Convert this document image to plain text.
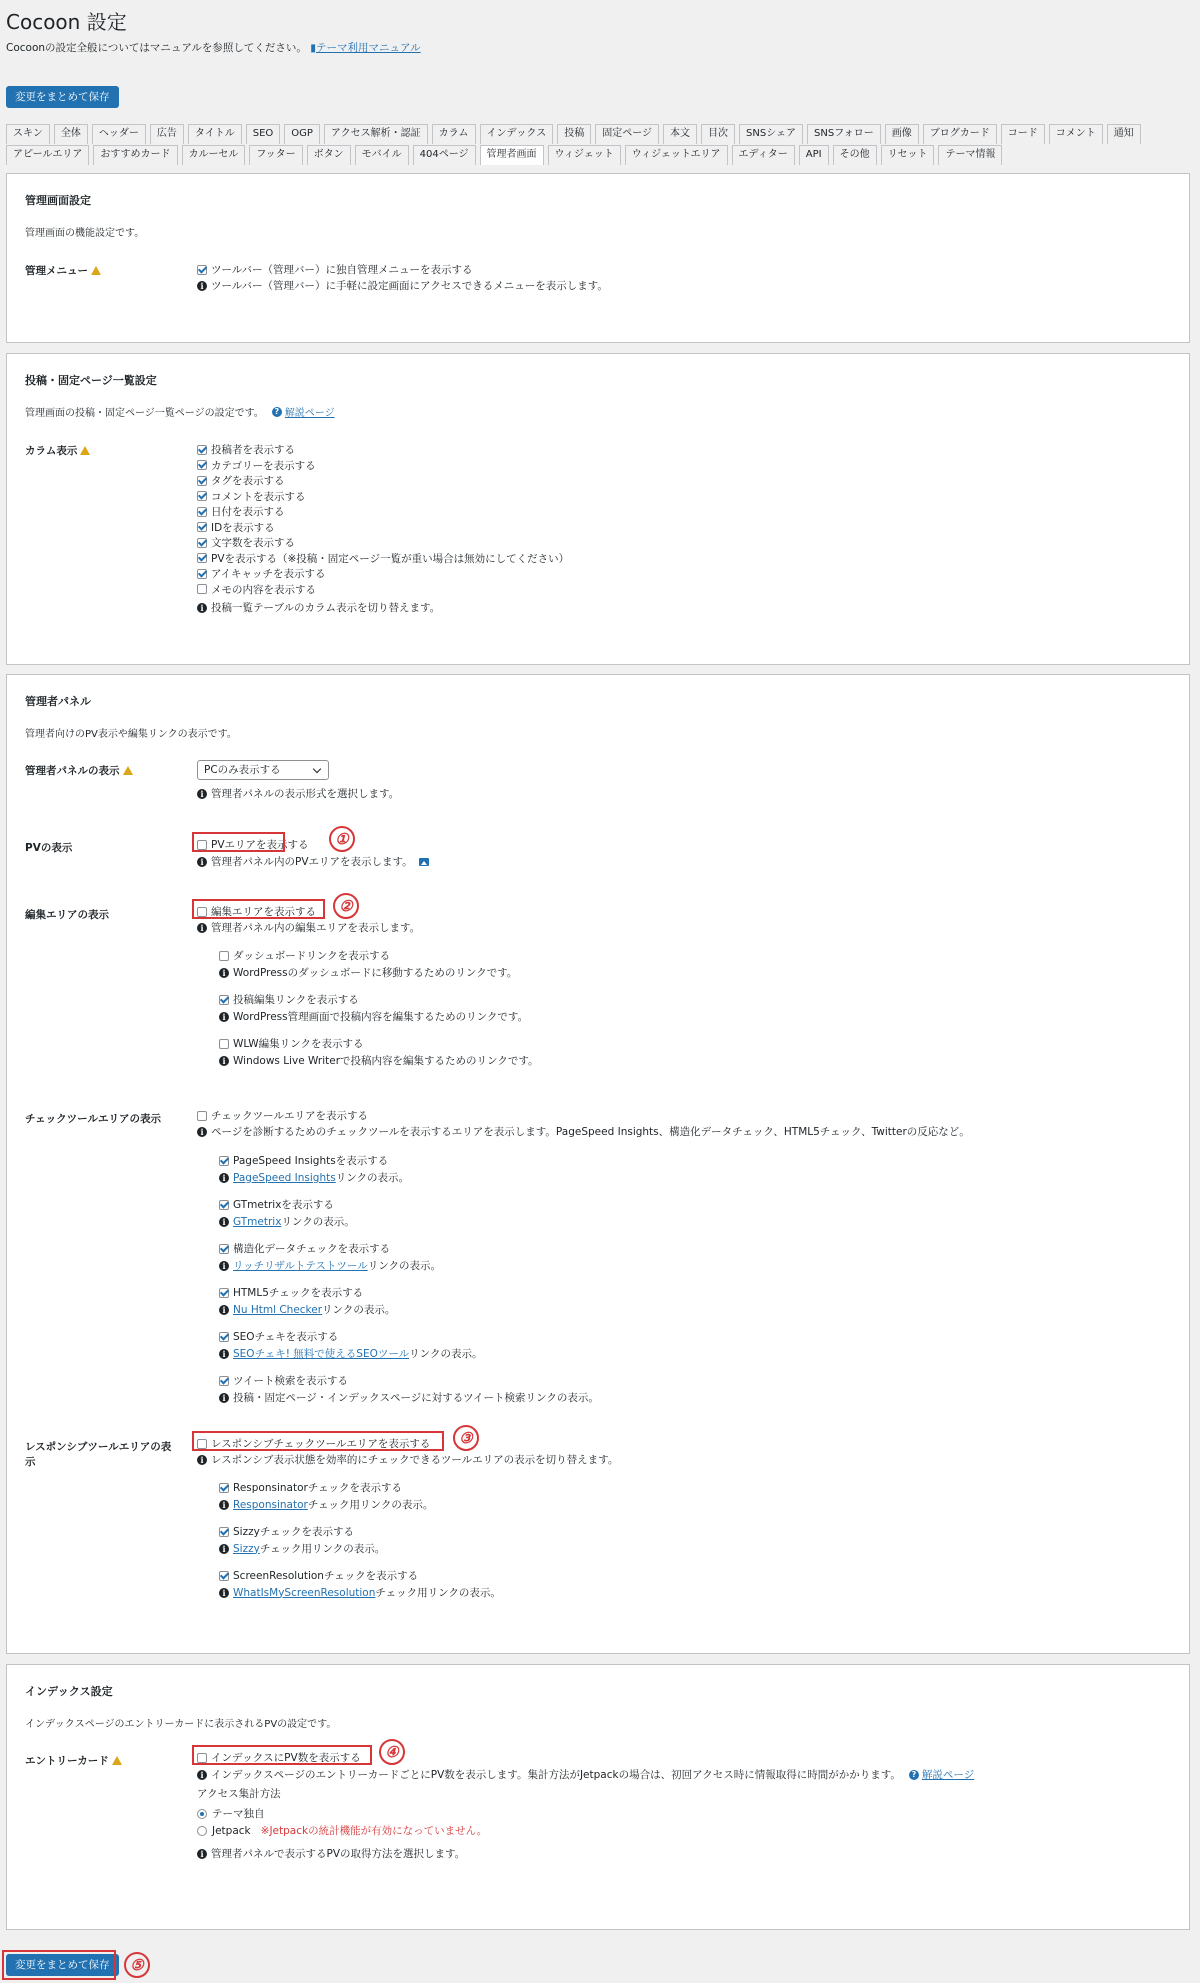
Cocoon 設定
Cocoonの設定全般についてはマニュアルを参照してください。 ▮テーマ利用マニュアル
変更をまとめて保存
スキン	全体	ヘッダー	広告	タイトル	SEO	OGP	アクセス解析・認証	カラム	インデックス	投稿	固定ページ	本文	目次	SNSシェア	SNSフォロー	画像	ブログカード	コード	コメント	通知
アピールエリア	おすすめカード	カルーセル	フッター	ボタン	モバイル	404ページ	管理者画面	ウィジェット	ウィジェットエリア	エディター	API	その他	リセット	テーマ情報
管理画面設定
管理画面の機能設定です。
管理メニュー	ツールバー（管理バー）に独自管理メニューを表示する
i ツールバー（管理バー）に手軽に設定画面にアクセスできるメニューを表示します。
投稿・固定ページ一覧設定
管理画面の投稿・固定ページ一覧ページの設定です。	? 解説ページ
カラム表示	投稿者を表示する
カテゴリーを表示する
タグを表示する
コメントを表示する
日付を表示する
IDを表示する
文字数を表示する
PVを表示する（※投稿・固定ページ一覧が重い場合は無効にしてください）
アイキャッチを表示する
メモの内容を表示する
i 投稿一覧テーブルのカラム表示を切り替えます。
管理者パネル
管理者向けのPV表示や編集リンクの表示です。
管理者パネルの表示	PCのみ表示する
i 管理者パネルの表示形式を選択します。
PVの表示	PVエリアを表示する
i 管理者パネル内のPVエリアを表示します。
編集エリアの表示	編集エリアを表示する
i 管理者パネル内の編集エリアを表示します。
ダッシュボードリンクを表示する
i WordPressのダッシュボードに移動するためのリンクです。
投稿編集リンクを表示する
i WordPress管理画面で投稿内容を編集するためのリンクです。
WLW編集リンクを表示する
i Windows Live Writerで投稿内容を編集するためのリンクです。
チェックツールエリアの表示	チェックツールエリアを表示する
i ページを診断するためのチェックツールを表示するエリアを表示します。PageSpeed Insights、構造化データチェック、HTML5チェック、Twitterの反応など。
PageSpeed Insightsを表示する
i PageSpeed Insights リンクの表示。
GTmetrixを表示する
i GTmetrix リンクの表示。
構造化データチェックを表示する
i リッチリザルトテストツール リンクの表示。
HTML5チェックを表示する
i Nu Html Checker リンクの表示。
SEOチェキを表示する
i SEOチェキ! 無料で使えるSEOツール リンクの表示。
ツイート検索を表示する
i 投稿・固定ページ・インデックスページに対するツイート検索リンクの表示。
レスポンシブツールエリアの表示
レスポンシブチェックツールエリアを表示する
i レスポンシブ表示状態を効率的にチェックできるツールエリアの表示を切り替えます。
Responsinatorチェックを表示する
i Responsinator チェック用リンクの表示。
Sizzyチェックを表示する
i Sizzy チェック用リンクの表示。
ScreenResolutionチェックを表示する
i WhatIsMyScreenResolution チェック用リンクの表示。
インデックス設定
インデックスページのエントリーカードに表示されるPVの設定です。
エントリーカード	インデックスにPV数を表示する
i インデックスページのエントリーカードごとにPV数を表示します。集計方法がJetpackの場合は、初回アクセス時に情報取得に時間がかかります。	? 解説ページ
アクセス集計方法
テーマ独自
Jetpack ※Jetpackの統計機能が有効になっていません。
i 管理者パネルで表示するPVの取得方法を選択します。
変更をまとめて保存
①
②
③
④
⑤
